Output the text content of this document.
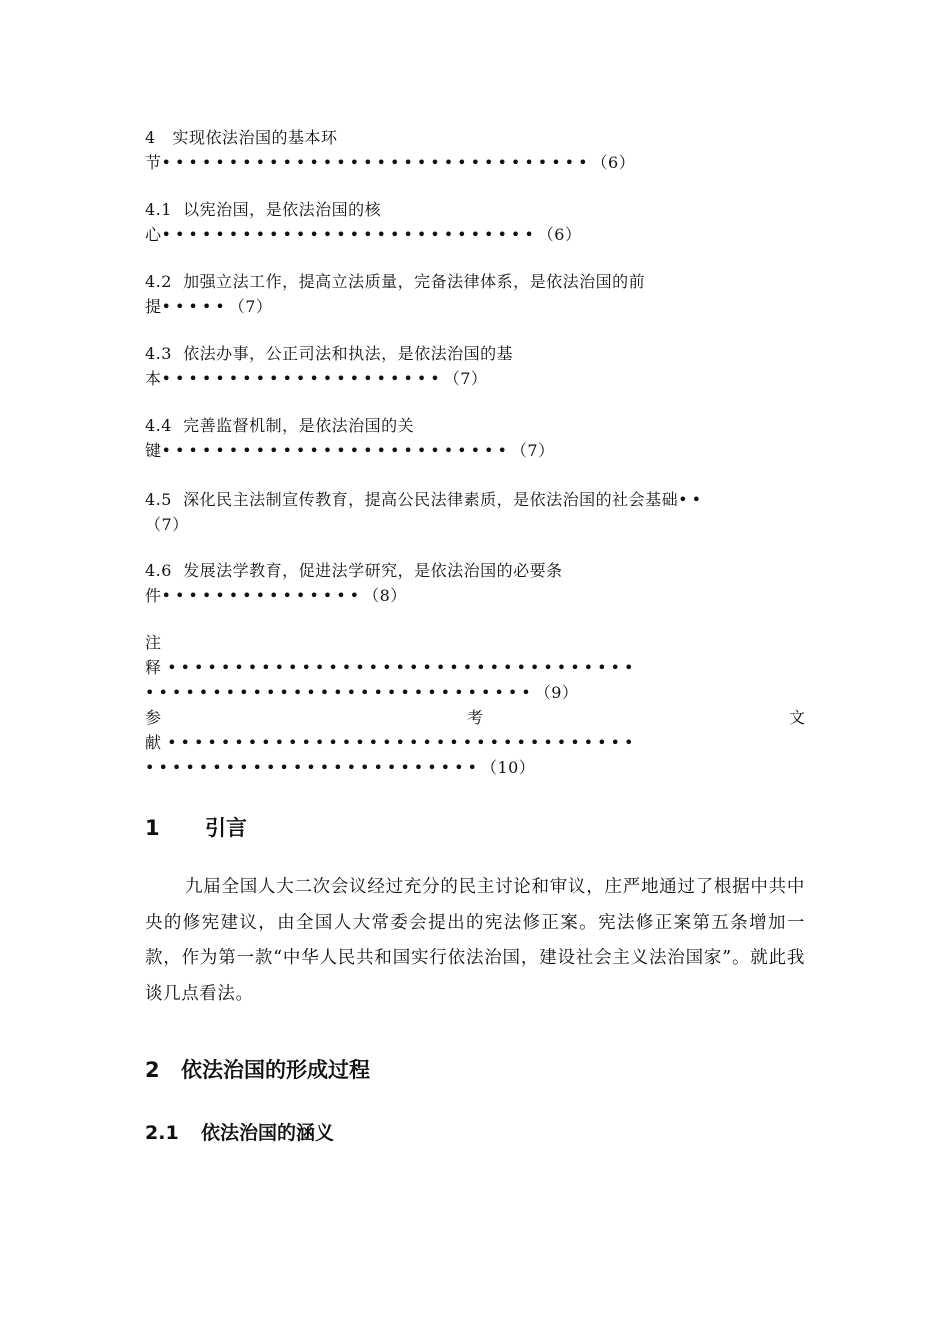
4 实现依法治国的基本环
节••••••••••••••••••••••••••••••••（6）
4.1 以宪治国，是依法治国的核
心••••••••••••••••••••••••••••（6）
4.2 加强立法工作，提高立法质量，完备法律体系，是依法治国的前
提•••••（7）
4.3 依法办事，公正司法和执法，是依法治国的基
本•••••••••••••••••••••（7）
4.4 完善监督机制，是依法治国的关
键••••••••••••••••••••••••••（7）
4.5 深化民主法制宣传教育，提高公民法律素质，是依法治国的社会基础••
（7）
4.6 发展法学教育，促进法学研究，是依法治国的必要条
件•••••••••••••••（8）
注
释 •••••••••••••••••••••••••••••••••••
•••••••••••••••••••••••••••••（9）
参	考	文
献 •••••••••••••••••••••••••••••••••••
•••••••••••••••••••••••••（10）
1 引言
九届全国人大二次会议经过充分的民主讨论和审议，庄严地通过了根据中共中央的修宪建议，由全国人大常委会提出的宪法修正案。宪法修正案第五条增加一款，作为第一款“中华人民共和国实行依法治国，建设社会主义法治国家”。就此我谈几点看法。
2 依法治国的形成过程
2.1 依法治国的涵义
